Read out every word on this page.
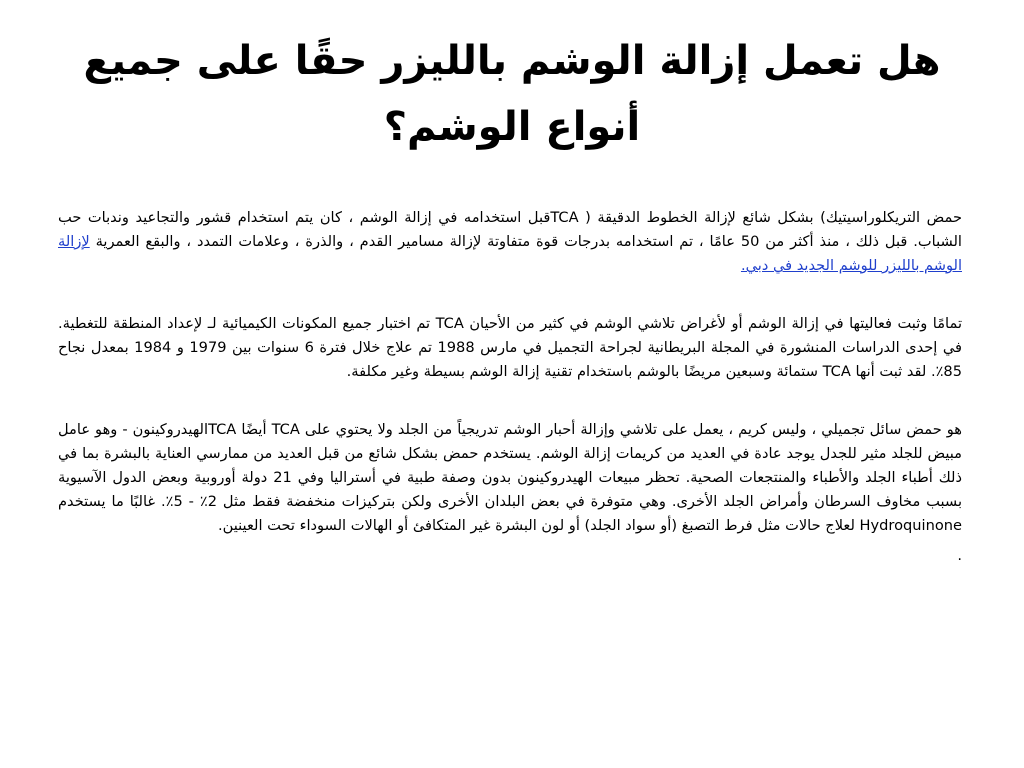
هل تعمل إزالة الوشم بالليزر حقًا على جميع أنواع الوشم؟

حمض التريكلوراسيتيك) بشكل شائع لإزالة الخطوط الدقيقة ( TCAقبل استخدامه في إزالة الوشم ، كان يتم استخدام قشور والتجاعيد وندبات حب الشباب. قبل ذلك ، منذ أكثر من 50 عامًا ، تم استخدامه بدرجات قوة متفاوتة لإزالة مسامير القدم ، والذرة ، وعلامات التمدد ، والبقع العمرية لإزالة الوشم بالليزر للوشم الجديد في دبي.

تمامًا وثبت فعاليتها في إزالة الوشم أو لأغراض تلاشي الوشم في كثير من الأحيان TCA تم اختبار جميع المكونات الكيميائية لـ لإعداد المنطقة للتغطية. في إحدى الدراسات المنشورة في المجلة البريطانية لجراحة التجميل في مارس 1988 تم علاج خلال فترة 6 سنوات بين 1979 و 1984 بمعدل نجاح 85٪. لقد ثبت أنها TCA ستمائة وسبعين مريضًا بالوشم باستخدام تقنية إزالة الوشم بسيطة وغير مكلفة.

هو حمض سائل تجميلي ، وليس كريم ، يعمل على تلاشي وإزالة أحبار الوشم تدريجياً من الجلد ولا يحتوي على TCA أيضًا TCAالهيدروكينون - وهو عامل مبيض للجلد مثير للجدل يوجد عادة في العديد من كريمات إزالة الوشم. يستخدم حمض بشكل شائع من قبل العديد من ممارسي العناية بالبشرة بما في ذلك أطباء الجلد والأطباء والمنتجعات الصحية. تحظر مبيعات الهيدروكينون بدون وصفة طبية في أستراليا وفي 21 دولة أوروبية وبعض الدول الآسيوية بسبب مخاوف السرطان وأمراض الجلد الأخرى. وهي متوفرة في بعض البلدان الأخرى ولكن بتركيزات منخفضة فقط مثل 2٪ - 5٪. غالبًا ما يستخدم Hydroquinone لعلاج حالات مثل فرط التصبغ (أو سواد الجلد) أو لون البشرة غير المتكافئ أو الهالات السوداء تحت العينين.

.
